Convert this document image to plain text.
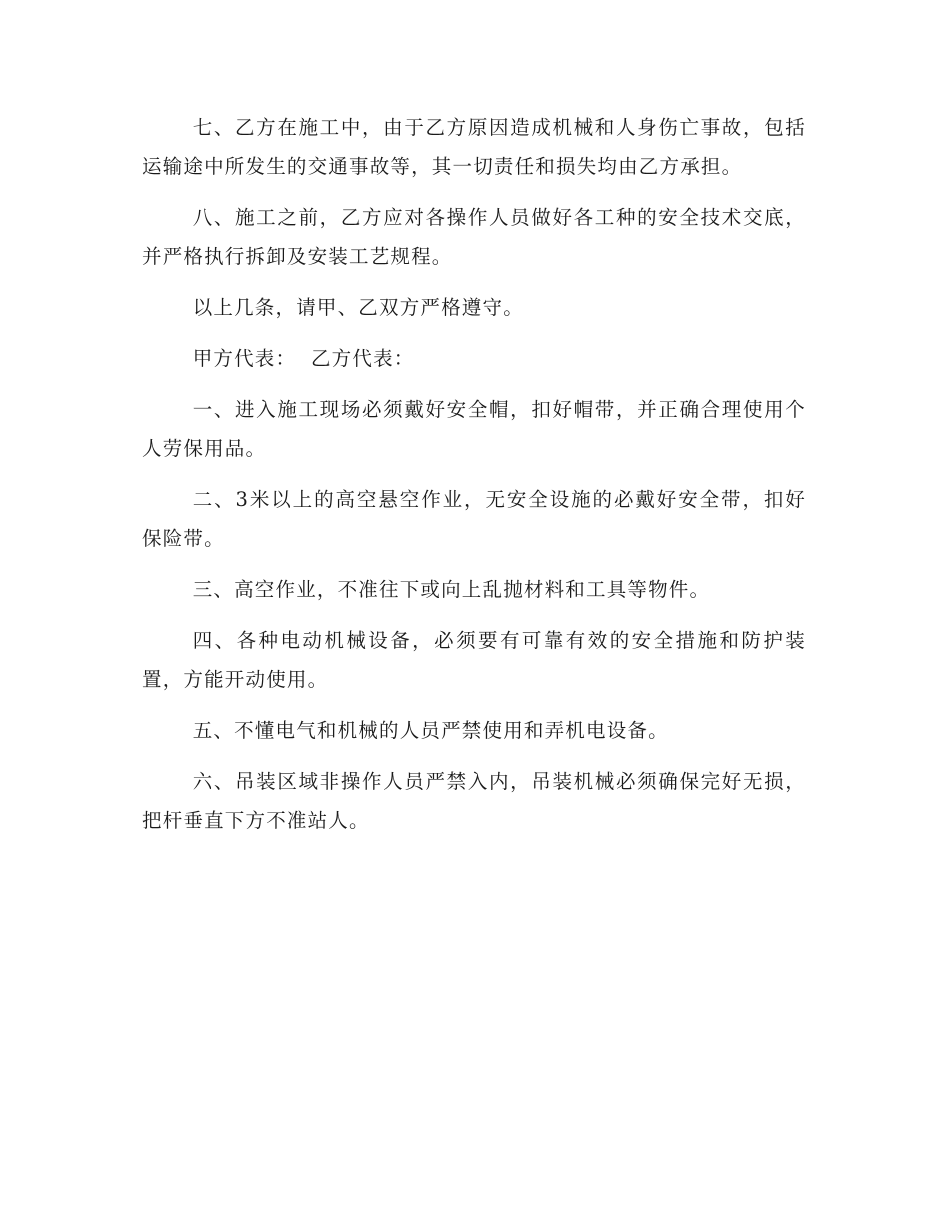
七、乙方在施工中，由于乙方原因造成机械和人身伤亡事故，包括运输途中所发生的交通事故等，其一切责任和损失均由乙方承担。

八、施工之前，乙方应对各操作人员做好各工种的安全技术交底，并严格执行拆卸及安装工艺规程。

以上几条，请甲、乙双方严格遵守。

甲方代表：  乙方代表：

一、进入施工现场必须戴好安全帽，扣好帽带，并正确合理使用个人劳保用品。

二、3米以上的高空悬空作业，无安全设施的必戴好安全带，扣好保险带。

三、高空作业，不准往下或向上乱抛材料和工具等物件。

四、各种电动机械设备，必须要有可靠有效的安全措施和防护装置，方能开动使用。

五、不懂电气和机械的人员严禁使用和弄机电设备。

六、吊装区域非操作人员严禁入内，吊装机械必须确保完好无损，把杆垂直下方不准站人。
